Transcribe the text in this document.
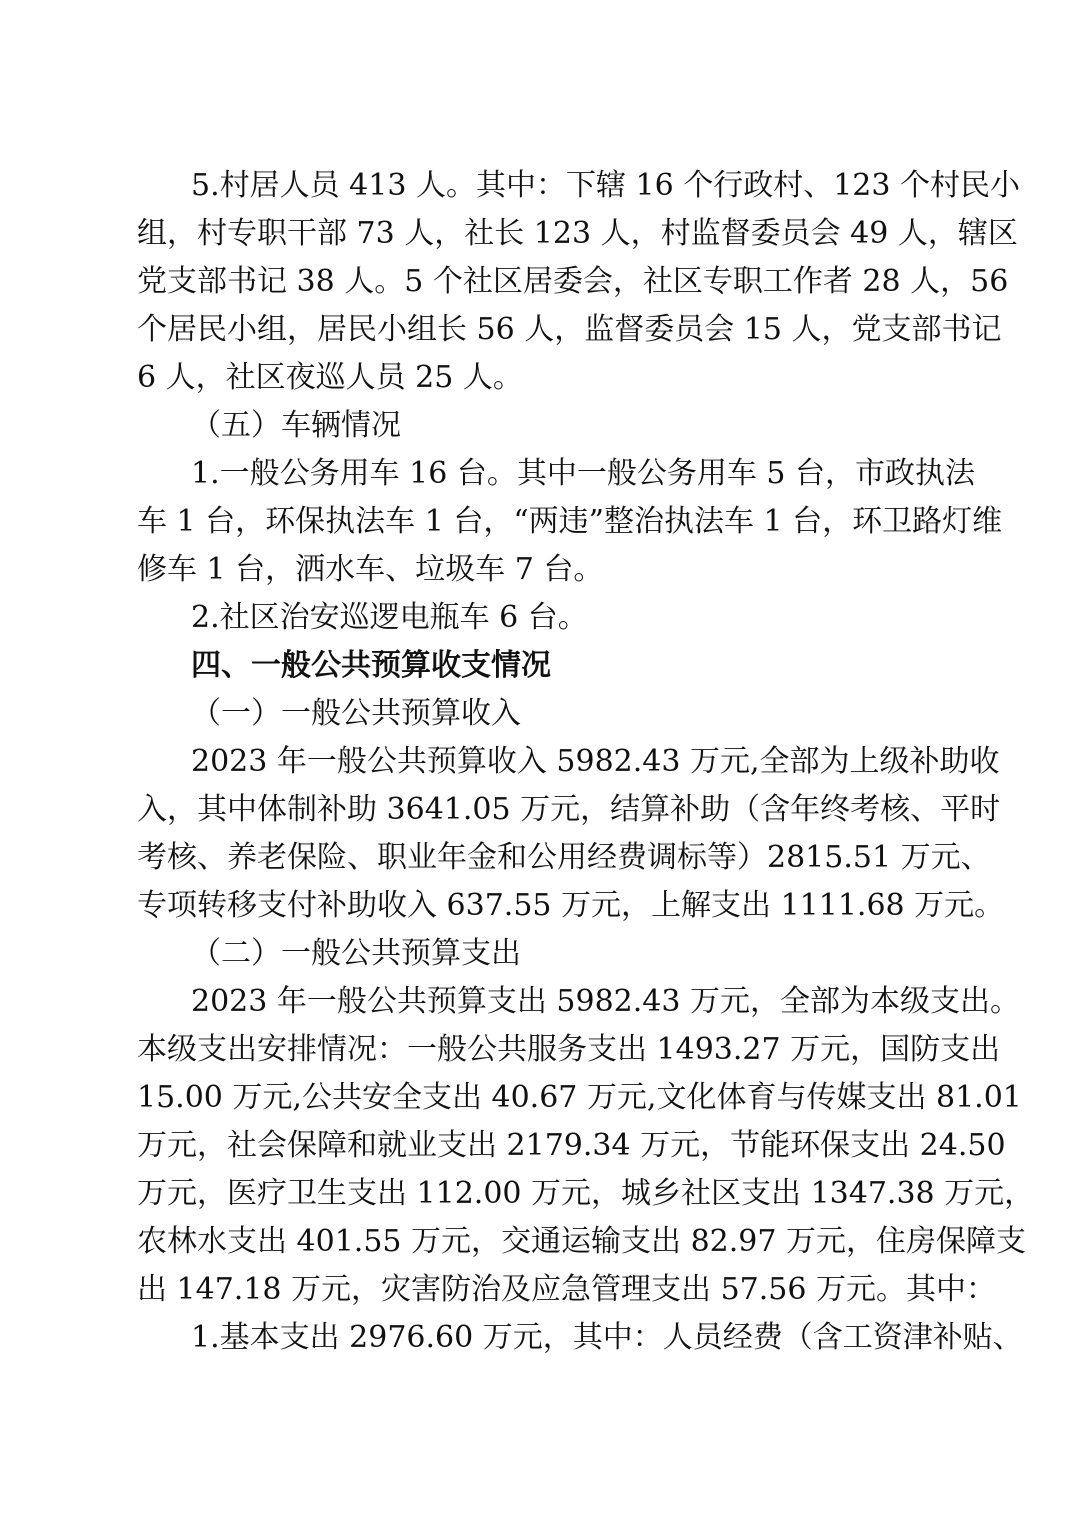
5.村居人员 413 人。其中：下辖 16 个行政村、123 个村民小
组，村专职干部 73 人，社长 123 人，村监督委员会 49 人，辖区
党支部书记 38 人。5 个社区居委会，社区专职工作者 28 人，56
个居民小组，居民小组长 56 人，监督委员会 15 人，党支部书记
6 人，社区夜巡人员 25 人。
（五）车辆情况
1.一般公务用车 16 台。其中一般公务用车 5 台，市政执法
车 1 台，环保执法车 1 台，“两违”整治执法车 1 台，环卫路灯维
修车 1 台，洒水车、垃圾车 7 台。
2.社区治安巡逻电瓶车 6 台。
四、一般公共预算收支情况
（一）一般公共预算收入
2023 年一般公共预算收入 5982.43 万元,全部为上级补助收
入，其中体制补助 3641.05 万元，结算补助（含年终考核、平时
考核、养老保险、职业年金和公用经费调标等）2815.51 万元、
专项转移支付补助收入 637.55 万元，上解支出 1111.68 万元。
（二）一般公共预算支出
2023 年一般公共预算支出 5982.43 万元，全部为本级支出。
本级支出安排情况：一般公共服务支出 1493.27 万元，国防支出
15.00 万元,公共安全支出 40.67 万元,文化体育与传媒支出 81.01
万元，社会保障和就业支出 2179.34 万元，节能环保支出 24.50
万元，医疗卫生支出 112.00 万元，城乡社区支出 1347.38 万元，
农林水支出 401.55 万元，交通运输支出 82.97 万元，住房保障支
出 147.18 万元，灾害防治及应急管理支出 57.56 万元。其中：
1.基本支出 2976.60 万元，其中：人员经费（含工资津补贴、
